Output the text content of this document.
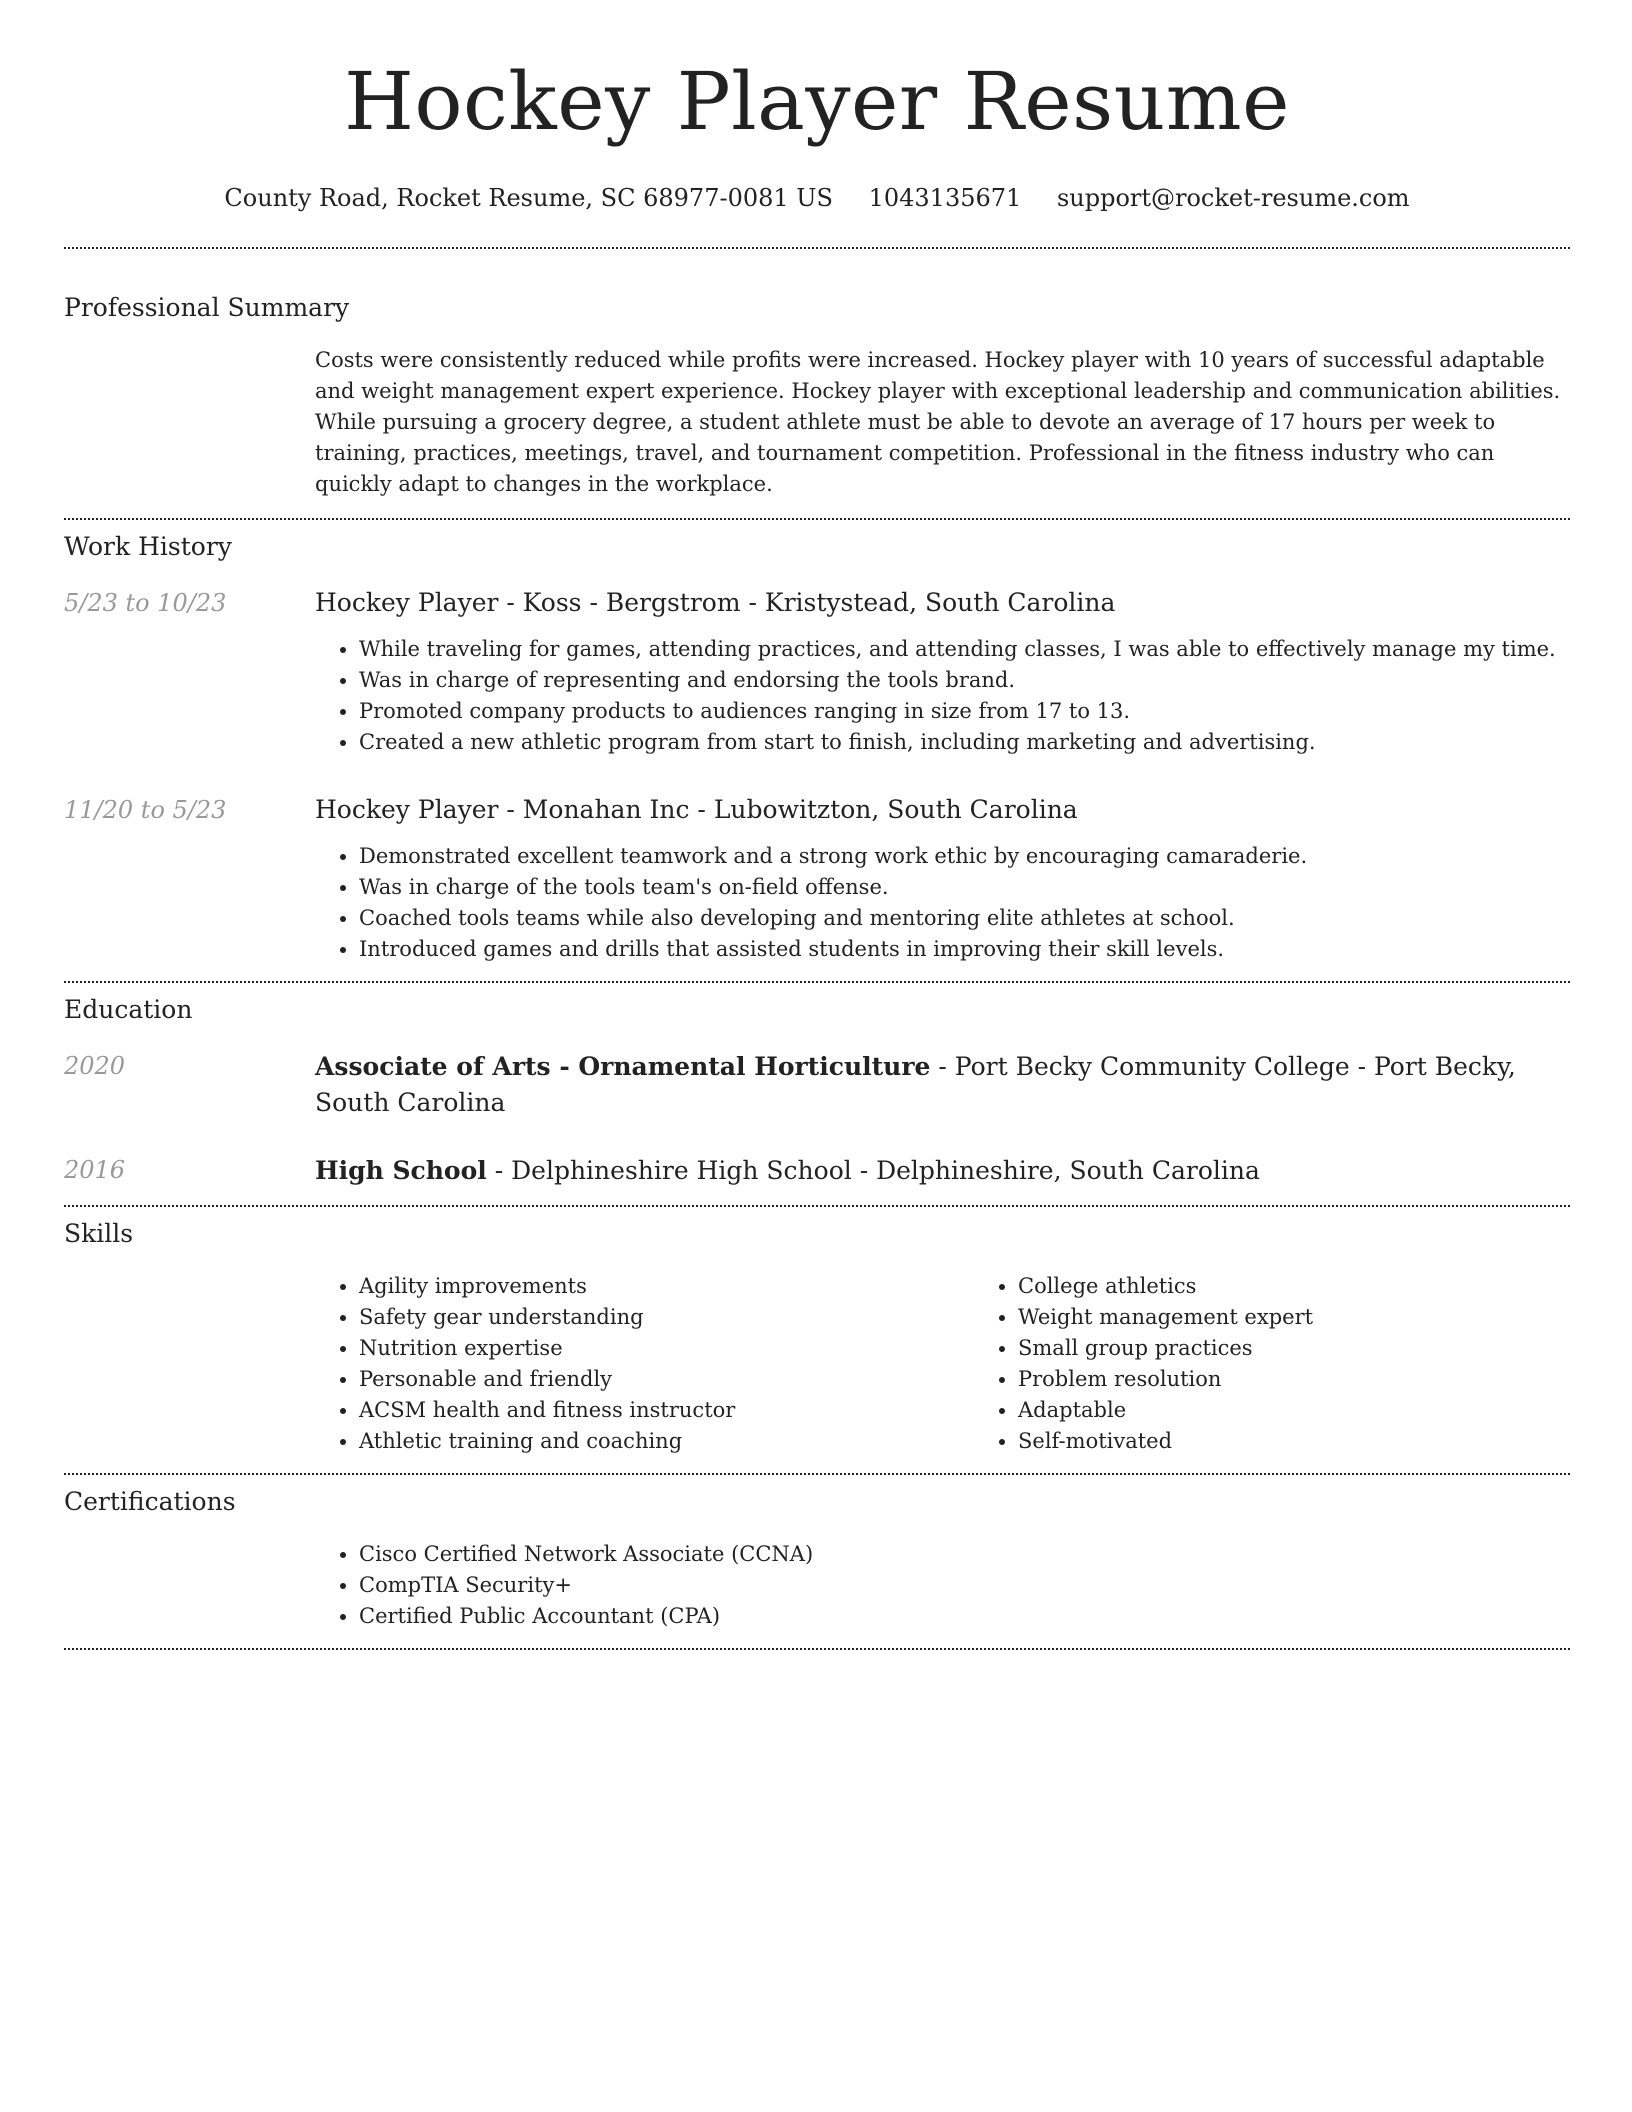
Hockey Player Resume
County Road, Rocket Resume, SC 68977-0081 US 1043135671 support@rocket-resume.com
Professional Summary

Costs were consistently reduced while profits were increased. Hockey player with 10 years of successful adaptable and weight management expert experience. Hockey player with exceptional leadership and communication abilities. While pursuing a grocery degree, a student athlete must be able to devote an average of 17 hours per week to training, practices, meetings, travel, and tournament competition. Professional in the fitness industry who can quickly adapt to changes in the workplace.

Work History
5/23 to 10/23	Hockey Player - Koss - Bergstrom - Kristystead, South Carolina
• While traveling for games, attending practices, and attending classes, I was able to effectively manage my time.
• Was in charge of representing and endorsing the tools brand.
• Promoted company products to audiences ranging in size from 17 to 13.
• Created a new athletic program from start to finish, including marketing and advertising.
11/20 to 5/23	Hockey Player - Monahan Inc - Lubowitzton, South Carolina
• Demonstrated excellent teamwork and a strong work ethic by encouraging camaraderie.
• Was in charge of the tools team's on-field offense.
• Coached tools teams while also developing and mentoring elite athletes at school.
• Introduced games and drills that assisted students in improving their skill levels.
Education
2020	Associate of Arts - Ornamental Horticulture - Port Becky Community College - Port Becky, South Carolina
2016	High School - Delphineshire High School - Delphineshire, South Carolina
Skills
• Agility improvements
• Safety gear understanding
• Nutrition expertise
• Personable and friendly
• ACSM health and fitness instructor
• Athletic training and coaching
• College athletics
• Weight management expert
• Small group practices
• Problem resolution
• Adaptable
• Self-motivated
Certifications
• Cisco Certified Network Associate (CCNA)
• CompTIA Security+
• Certified Public Accountant (CPA)
